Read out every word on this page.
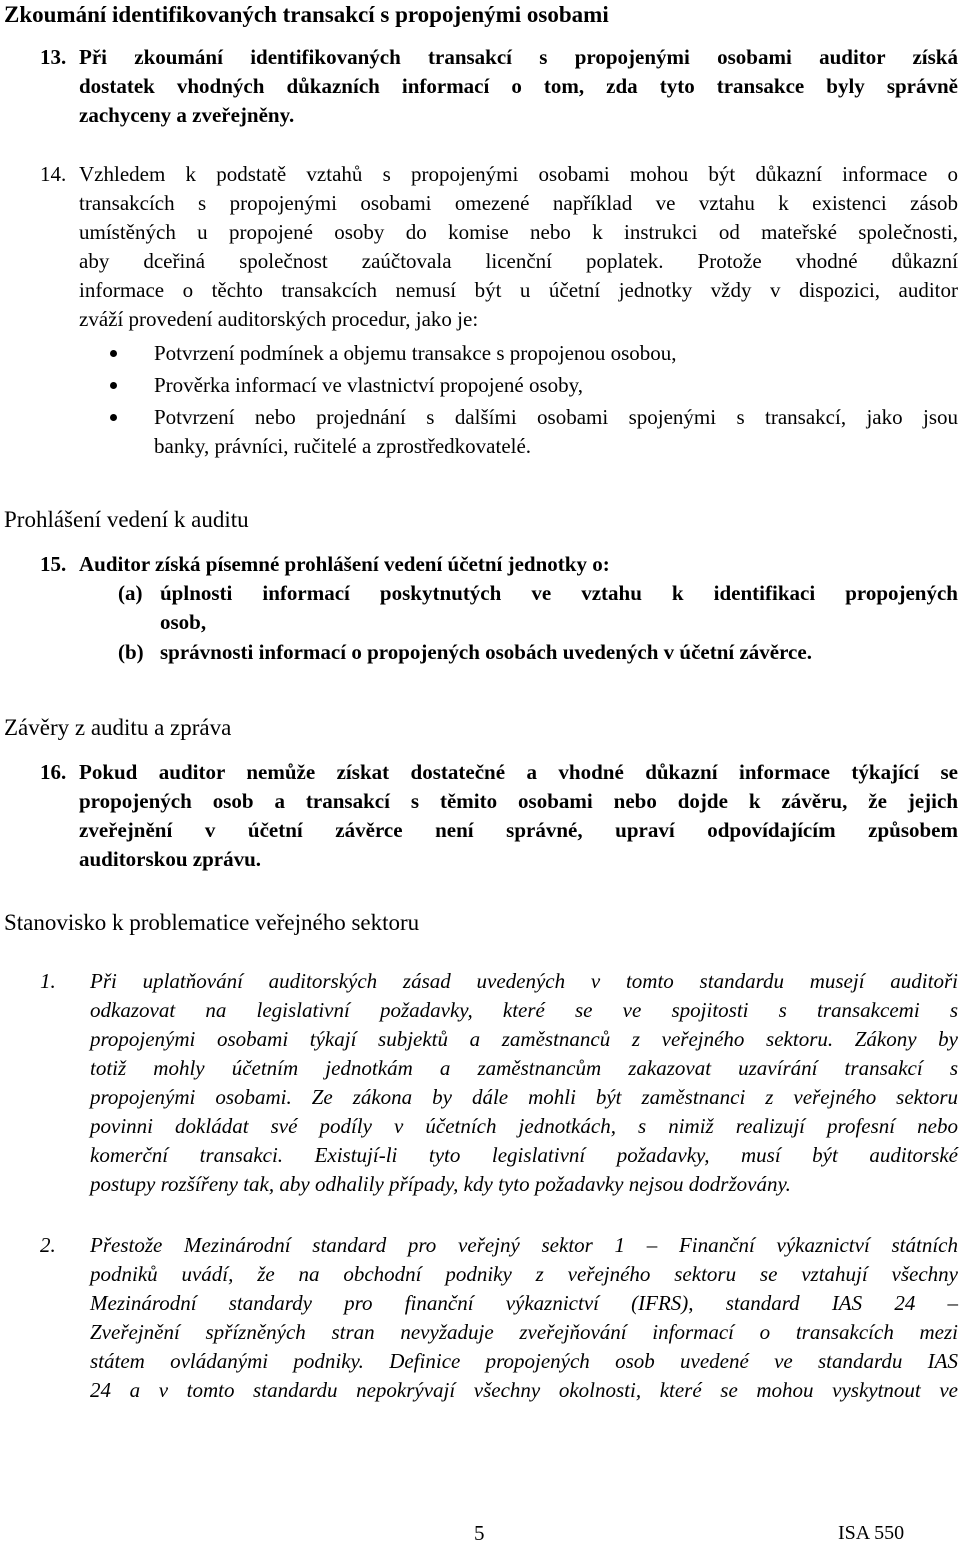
Zkoumání identifikovaných transakcí s propojenými osobami
13. Při zkoumání identifikovaných transakcí s propojenými osobami auditor získá
dostatek vhodných důkazních informací o tom, zda tyto transakce byly správně
zachyceny a zveřejněny.
14. Vzhledem k podstatě vztahů s propojenými osobami mohou být důkazní informace o
transakcích s propojenými osobami omezené například ve vztahu k existenci zásob
umístěných u propojené osoby do komise nebo k instrukci od mateřské společnosti,
aby dceřiná společnost zaúčtovala licenční poplatek. Protože vhodné důkazní
informace o těchto transakcích nemusí být u účetní jednotky vždy v dispozici, auditor
zváží provedení auditorských procedur, jako je:
Potvrzení podmínek a objemu transakce s propojenou osobou,
Prověrka informací ve vlastnictví propojené osoby,
Potvrzení nebo projednání s dalšími osobami spojenými s transakcí, jako jsou
banky, právníci, ručitelé a zprostředkovatelé.
Prohlášení vedení k auditu
15. Auditor získá písemné prohlášení vedení účetní jednotky o:
(a) úplnosti informací poskytnutých ve vztahu k identifikaci propojených
osob,
(b) správnosti informací o propojených osobách uvedených v účetní závěrce.
Závěry z auditu a zpráva
16. Pokud auditor nemůže získat dostatečné a vhodné důkazní informace týkající se
propojených osob a transakcí s těmito osobami nebo dojde k závěru, že jejich
zveřejnění v účetní závěrce není správné, upraví odpovídajícím způsobem
auditorskou zprávu.
Stanovisko k problematice veřejného sektoru
1. Při uplatňování auditorských zásad uvedených v tomto standardu musejí auditoři
odkazovat na legislativní požadavky, které se ve spojitosti s transakcemi s
propojenými osobami týkají subjektů a zaměstnanců z veřejného sektoru. Zákony by
totiž mohly účetním jednotkám a zaměstnancům zakazovat uzavírání transakcí s
propojenými osobami. Ze zákona by dále mohli být zaměstnanci z veřejného sektoru
povinni dokládat své podíly v účetních jednotkách, s nimiž realizují profesní nebo
komerční transakci. Existují-li tyto legislativní požadavky, musí být auditorské
postupy rozšířeny tak, aby odhalily případy, kdy tyto požadavky nejsou dodržovány.
2. Přestože Mezinárodní standard pro veřejný sektor 1 – Finanční výkaznictví státních
podniků uvádí, že na obchodní podniky z veřejného sektoru se vztahují všechny
Mezinárodní standardy pro finanční výkaznictví (IFRS), standard IAS 24 –
Zveřejnění spřízněných stran nevyžaduje zveřejňování informací o transakcích mezi
státem ovládanými podniky. Definice propojených osob uvedené ve standardu IAS
24 a v tomto standardu nepokrývají všechny okolnosti, které se mohou vyskytnout ve
5	ISA 550
